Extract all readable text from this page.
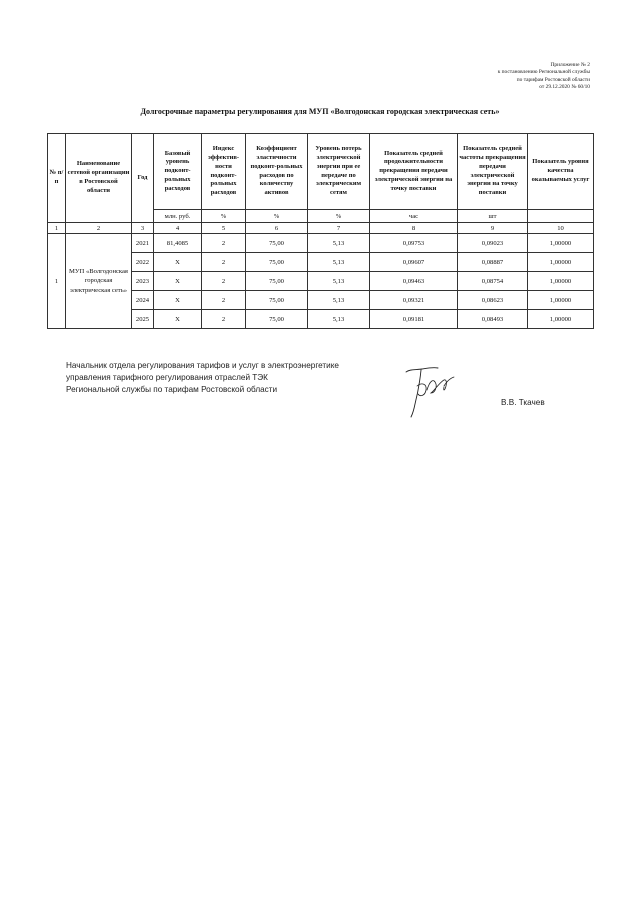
Приложение № 2
к постановлению Региональной службы
по тарифам Ростовской области
от 29.12.2020 № 60/10
Долгосрочные параметры регулирования для МУП «Волгодонская городская электрическая сеть»
№ п/п	Наименование сетевой организации в Ростовской области	Год	Базовый уровень подконт-рольных расходов	Индекс эффектив-ности подконт-рольных расходов	Коэффициент эластичности подконт-рольных расходов по количеству активов	Уровень потерь электрической энергии при ее передаче по электрическим сетям	Показатель средней продолжительности прекращения передачи электрической энергии на точку поставки	Показатель средней частоты прекращения передачи электрической энергии на точку поставки	Показатель уровня качества оказываемых услуг
			млн. руб.	%	%	%	час	шт	
1	2	3	4	5	6	7	8	9	10
1	МУП «Волгодонская городская электрическая сеть»	2021	81,4085	2	75,00	5,13	0,09753	0,09023	1,00000
		2022	X	2	75,00	5,13	0,09607	0,08887	1,00000
		2023	X	2	75,00	5,13	0,09463	0,08754	1,00000
		2024	X	2	75,00	5,13	0,09321	0,08623	1,00000
		2025	X	2	75,00	5,13	0,09181	0,08493	1,00000
Начальник отдела регулирования тарифов и услуг в электроэнергетике
управления тарифного регулирования отраслей ТЭК
Региональной службы по тарифам Ростовской области
В.В. Ткачев
